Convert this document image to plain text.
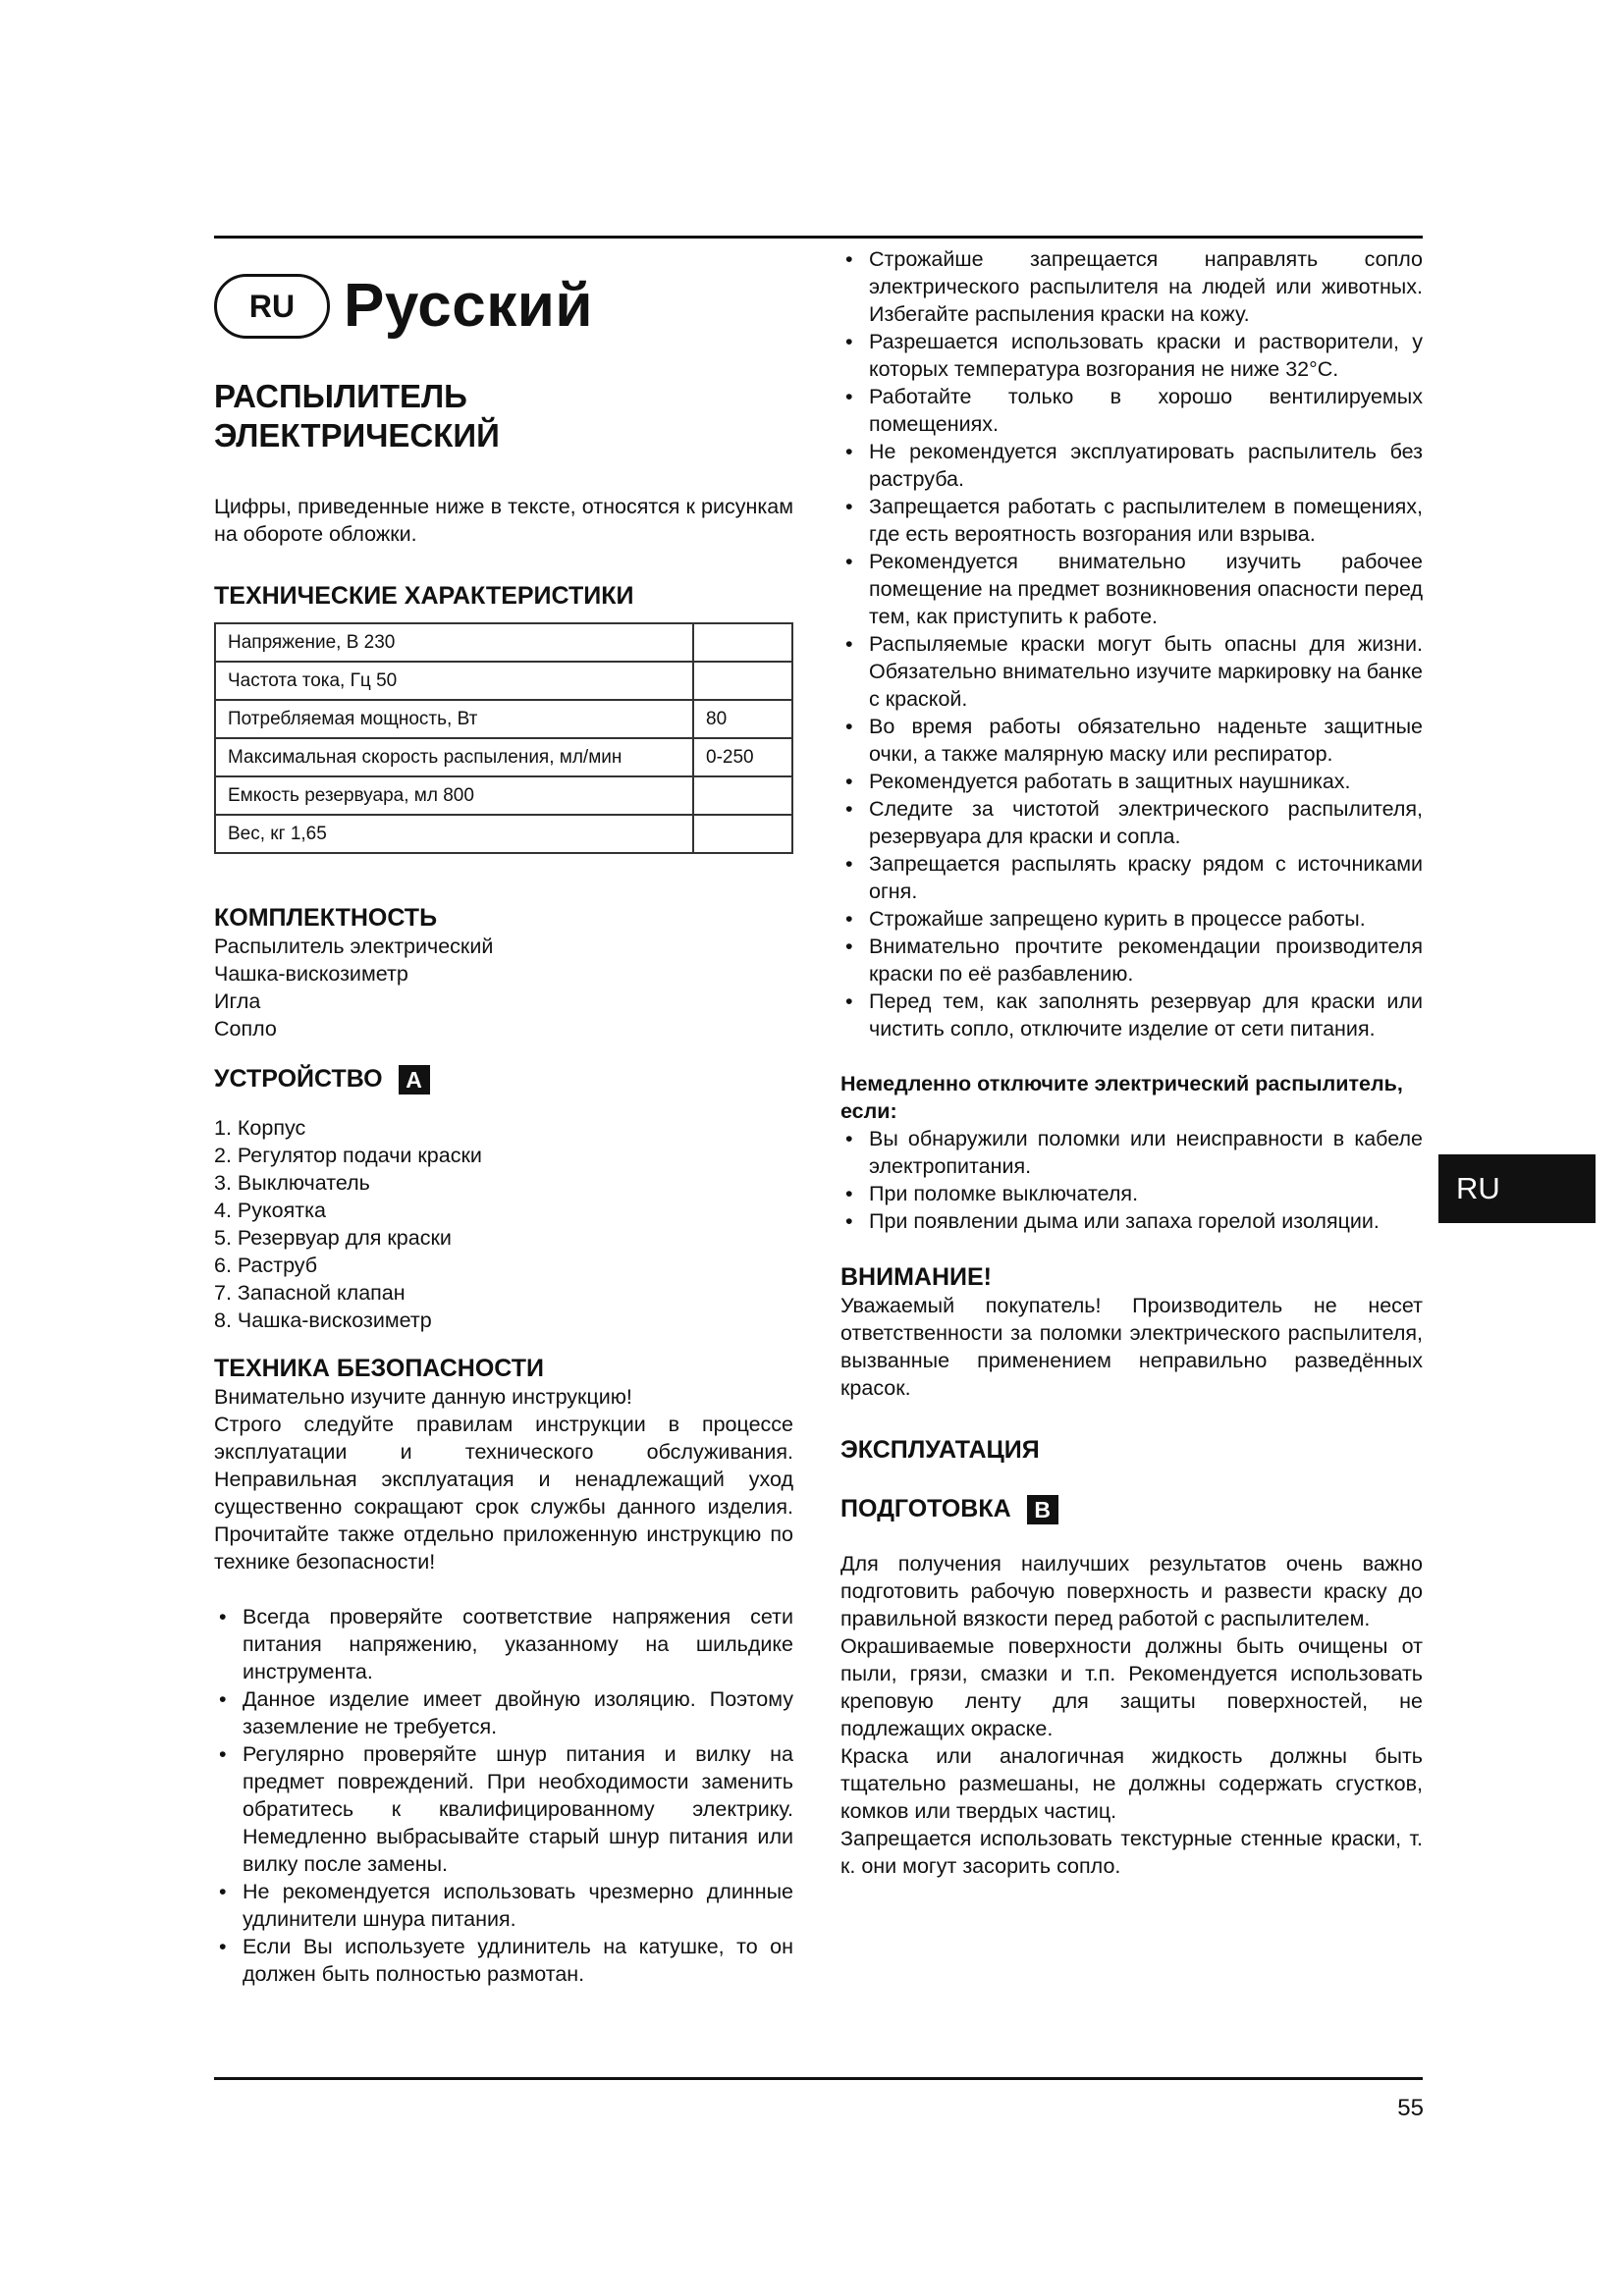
RU Русский
РАСПЫЛИТЕЛЬ
ЭЛЕКТРИЧЕСКИЙ

Цифры, приведенные ниже в тексте, относятся к рисункам на обороте обложки.

ТЕХНИЧЕСКИЕ ХАРАКТЕРИСТИКИ
Напряжение, В 230	
Частота тока, Гц 50	
Потребляемая мощность, Вт	80
Максимальная скорость распыления, мл/мин	0-250
Емкость резервуара, мл 800	
Вес, кг 1,65	
КОМПЛЕКТНОСТЬ
Распылитель электрический
Чашка-вискозиметр
Игла
Сопло
УСТРОЙСТВО A
1. Корпус
2. Регулятор подачи краски
3. Выключатель
4. Рукоятка
5. Резервуар для краски
6. Раструб
7. Запасной клапан
8. Чашка-вискозиметр
ТЕХНИКА БЕЗОПАСНОСТИ

Внимательно изучите данную инструкцию!

Строго следуйте правилам инструкции в процессе эксплуатации и технического обслуживания. Неправильная эксплуатация и ненадлежащий уход существенно сокращают срок службы данного изделия. Прочитайте также отдельно приложенную инструкцию по технике безопасности!

• Всегда проверяйте соответствие напряжения сети питания напряжению, указанному на шильдике инструмента.
• Данное изделие имеет двойную изоляцию. Поэтому заземление не требуется.
• Регулярно проверяйте шнур питания и вилку на предмет повреждений. При необходимости заменить обратитесь к квалифицированному электрику. Немедленно выбрасывайте старый шнур питания или вилку после замены.
• Не рекомендуется использовать чрезмерно длинные удлинители шнура питания.
• Если Вы используете удлинитель на катушке, то он должен быть полностью размотан.
• Строжайше запрещается направлять сопло электрического распылителя на людей или животных. Избегайте распыления краски на кожу.
• Разрешается использовать краски и растворители, у которых температура возгорания не ниже 32°С.
• Работайте только в хорошо вентилируемых помещениях.
• Не рекомендуется эксплуатировать распылитель без раструба.
• Запрещается работать с распылителем в помещениях, где есть вероятность возгорания или взрыва.
• Рекомендуется внимательно изучить рабочее помещение на предмет возникновения опасности перед тем, как приступить к работе.
• Распыляемые краски могут быть опасны для жизни. Обязательно внимательно изучите маркировку на банке с краской.
• Во время работы обязательно наденьте защитные очки, а также малярную маску или респиратор.
• Рекомендуется работать в защитных наушниках.
• Следите за чистотой электрического распылителя, резервуара для краски и сопла.
• Запрещается распылять краску рядом с источниками огня.
• Строжайше запрещено курить в процессе работы.
• Внимательно прочтите рекомендации производителя краски по её разбавлению.
• Перед тем, как заполнять резервуар для краски или чистить сопло, отключите изделие от сети питания.
Немедленно отключите электрический распылитель, если:
• Вы обнаружили поломки или неисправности в кабеле электропитания.
• При поломке выключателя.
• При появлении дыма или запаха горелой изоляции.
ВНИМАНИЕ!

Уважаемый покупатель! Производитель не несет ответственности за поломки электрического распылителя, вызванные применением неправильно разведённых красок.

ЭКСПЛУАТАЦИЯ
ПОДГОТОВКА B

Для получения наилучших результатов очень важно подготовить рабочую поверхность и развести краску до правильной вязкости перед работой с распылителем.

Окрашиваемые поверхности должны быть очищены от пыли, грязи, смазки и т.п. Рекомендуется использовать креповую ленту для защиты поверхностей, не подлежащих окраске.

Краска или аналогичная жидкость должны быть тщательно размешаны, не должны содержать сгустков, комков или твердых частиц.

Запрещается использовать текстурные стенные краски, т. к. они могут засорить сопло.

RU
55
